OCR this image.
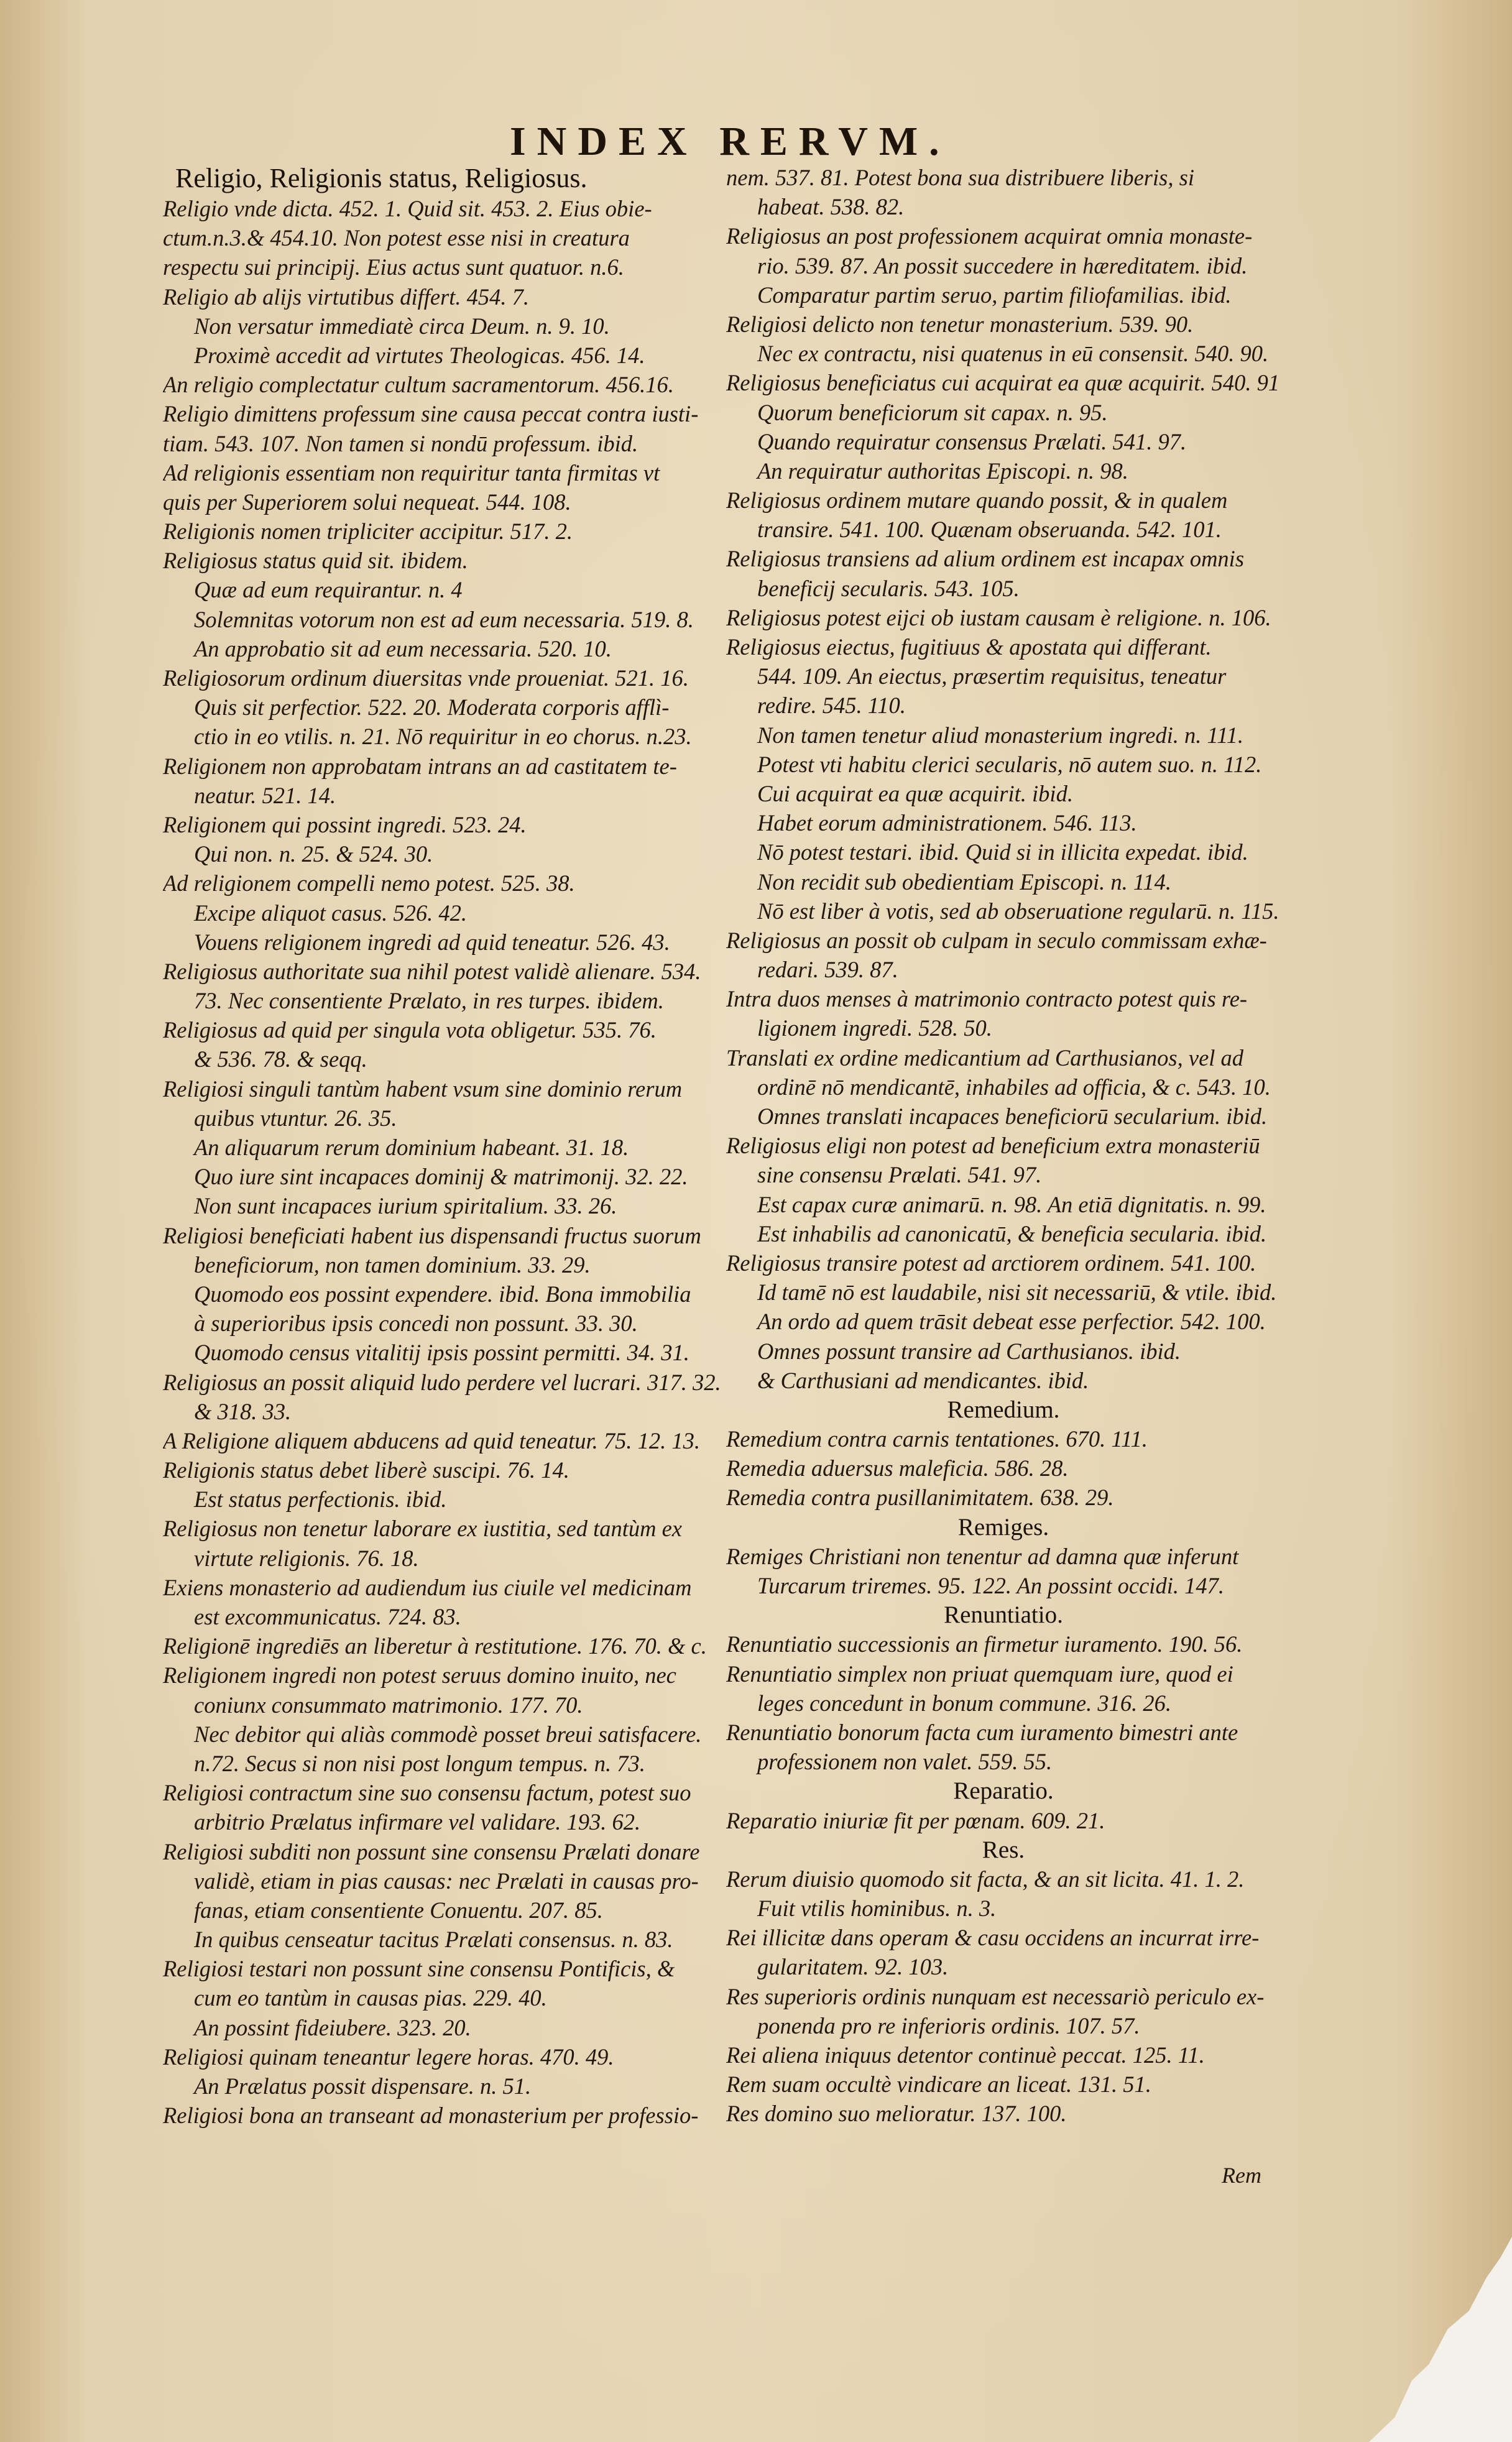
INDEX RERVM.
Religio, Religionis status, Religiosus.
Religio vnde dicta. 452. 1. Quid sit. 453. 2. Eius obie-
ctum.n.3.& 454.10. Non potest esse nisi in creatura
respectu sui principij. Eius actus sunt quatuor. n.6.
Religio ab alijs virtutibus differt. 454. 7.
Non versatur immediatè circa Deum. n. 9. 10.
Proximè accedit ad virtutes Theologicas. 456. 14.
An religio complectatur cultum sacramentorum. 456.16.
Religio dimittens professum sine causa peccat contra iusti-
tiam. 543. 107. Non tamen si nondū professum. ibid.
Ad religionis essentiam non requiritur tanta firmitas vt
quis per Superiorem solui nequeat. 544. 108.
Religionis nomen tripliciter accipitur. 517. 2.
Religiosus status quid sit. ibidem.
Quæ ad eum requirantur. n. 4
Solemnitas votorum non est ad eum necessaria. 519. 8.
An approbatio sit ad eum necessaria. 520. 10.
Religiosorum ordinum diuersitas vnde proueniat. 521. 16.
Quis sit perfectior. 522. 20. Moderata corporis afflì-
ctio in eo vtilis. n. 21. Nō requiritur in eo chorus. n.23.
Religionem non approbatam intrans an ad castitatem te-
neatur. 521. 14.
Religionem qui possint ingredi. 523. 24.
Qui non. n. 25. & 524. 30.
Ad religionem compelli nemo potest. 525. 38.
Excipe aliquot casus. 526. 42.
Vouens religionem ingredi ad quid teneatur. 526. 43.
Religiosus authoritate sua nihil potest validè alienare. 534.
73. Nec consentiente Prælato, in res turpes. ibidem.
Religiosus ad quid per singula vota obligetur. 535. 76.
& 536. 78. & seqq.
Religiosi singuli tantùm habent vsum sine dominio rerum
quibus vtuntur. 26. 35.
An aliquarum rerum dominium habeant. 31. 18.
Quo iure sint incapaces dominij & matrimonij. 32. 22.
Non sunt incapaces iurium spiritalium. 33. 26.
Religiosi beneficiati habent ius dispensandi fructus suorum
beneficiorum, non tamen dominium. 33. 29.
Quomodo eos possint expendere. ibid. Bona immobilia
à superioribus ipsis concedi non possunt. 33. 30.
Quomodo census vitalitij ipsis possint permitti. 34. 31.
Religiosus an possit aliquid ludo perdere vel lucrari. 317. 32.
& 318. 33.
A Religione aliquem abducens ad quid teneatur. 75. 12. 13.
Religionis status debet liberè suscipi. 76. 14.
Est status perfectionis. ibid.
Religiosus non tenetur laborare ex iustitia, sed tantùm ex
virtute religionis. 76. 18.
Exiens monasterio ad audiendum ius ciuile vel medicinam
est excommunicatus. 724. 83.
Religionē ingrediēs an liberetur à restitutione. 176. 70. & c.
Religionem ingredi non potest seruus domino inuito, nec
coniunx consummato matrimonio. 177. 70.
Nec debitor qui aliàs commodè posset breui satisfacere.
n.72. Secus si non nisi post longum tempus. n. 73.
Religiosi contractum sine suo consensu factum, potest suo
arbitrio Prælatus infirmare vel validare. 193. 62.
Religiosi subditi non possunt sine consensu Prælati donare
validè, etiam in pias causas: nec Prælati in causas pro-
fanas, etiam consentiente Conuentu. 207. 85.
In quibus censeatur tacitus Prælati consensus. n. 83.
Religiosi testari non possunt sine consensu Pontificis, &
cum eo tantùm in causas pias. 229. 40.
An possint fideiubere. 323. 20.
Religiosi quinam teneantur legere horas. 470. 49.
An Prælatus possit dispensare. n. 51.
Religiosi bona an transeant ad monasterium per professio-
nem. 537. 81. Potest bona sua distribuere liberis, si
habeat. 538. 82.
Religiosus an post professionem acquirat omnia monaste-
rio. 539. 87. An possit succedere in hæreditatem. ibid.
Comparatur partim seruo, partim filiofamilias. ibid.
Religiosi delicto non tenetur monasterium. 539. 90.
Nec ex contractu, nisi quatenus in eū consensit. 540. 90.
Religiosus beneficiatus cui acquirat ea quæ acquirit. 540. 91
Quorum beneficiorum sit capax. n. 95.
Quando requiratur consensus Prælati. 541. 97.
An requiratur authoritas Episcopi. n. 98.
Religiosus ordinem mutare quando possit, & in qualem
transire. 541. 100. Quænam obseruanda. 542. 101.
Religiosus transiens ad alium ordinem est incapax omnis
beneficij secularis. 543. 105.
Religiosus potest eijci ob iustam causam è religione. n. 106.
Religiosus eiectus, fugitiuus & apostata qui differant.
544. 109. An eiectus, præsertim requisitus, teneatur
redire. 545. 110.
Non tamen tenetur aliud monasterium ingredi. n. 111.
Potest vti habitu clerici secularis, nō autem suo. n. 112.
Cui acquirat ea quæ acquirit. ibid.
Habet eorum administrationem. 546. 113.
Nō potest testari. ibid. Quid si in illicita expedat. ibid.
Non recidit sub obedientiam Episcopi. n. 114.
Nō est liber à votis, sed ab obseruatione regularū. n. 115.
Religiosus an possit ob culpam in seculo commissam exhæ-
redari. 539. 87.
Intra duos menses à matrimonio contracto potest quis re-
ligionem ingredi. 528. 50.
Translati ex ordine medicantium ad Carthusianos, vel ad
ordinē nō mendicantē, inhabiles ad officia, & c. 543. 10.
Omnes translati incapaces beneficiorū secularium. ibid.
Religiosus eligi non potest ad beneficium extra monasteriū
sine consensu Prælati. 541. 97.
Est capax curæ animarū. n. 98. An etiā dignitatis. n. 99.
Est inhabilis ad canonicatū, & beneficia secularia. ibid.
Religiosus transire potest ad arctiorem ordinem. 541. 100.
Id tamē nō est laudabile, nisi sit necessariū, & vtile. ibid.
An ordo ad quem trāsit debeat esse perfectior. 542. 100.
Omnes possunt transire ad Carthusianos. ibid.
& Carthusiani ad mendicantes. ibid.
Remedium.
Remedium contra carnis tentationes. 670. 111.
Remedia aduersus maleficia. 586. 28.
Remedia contra pusillanimitatem. 638. 29.
Remiges.
Remiges Christiani non tenentur ad damna quæ inferunt
Turcarum triremes. 95. 122. An possint occidi. 147.
Renuntiatio.
Renuntiatio successionis an firmetur iuramento. 190. 56.
Renuntiatio simplex non priuat quemquam iure, quod ei
leges concedunt in bonum commune. 316. 26.
Renuntiatio bonorum facta cum iuramento bimestri ante
professionem non valet. 559. 55.
Reparatio.
Reparatio iniuriæ fit per pœnam. 609. 21.
Res.
Rerum diuisio quomodo sit facta, & an sit licita. 41. 1. 2.
Fuit vtilis hominibus. n. 3.
Rei illicitæ dans operam & casu occidens an incurrat irre-
gularitatem. 92. 103.
Res superioris ordinis nunquam est necessariò periculo ex-
ponenda pro re inferioris ordinis. 107. 57.
Rei aliena iniquus detentor continuè peccat. 125. 11.
Rem suam occultè vindicare an liceat. 131. 51.
Res domino suo melioratur. 137. 100.
Rem
